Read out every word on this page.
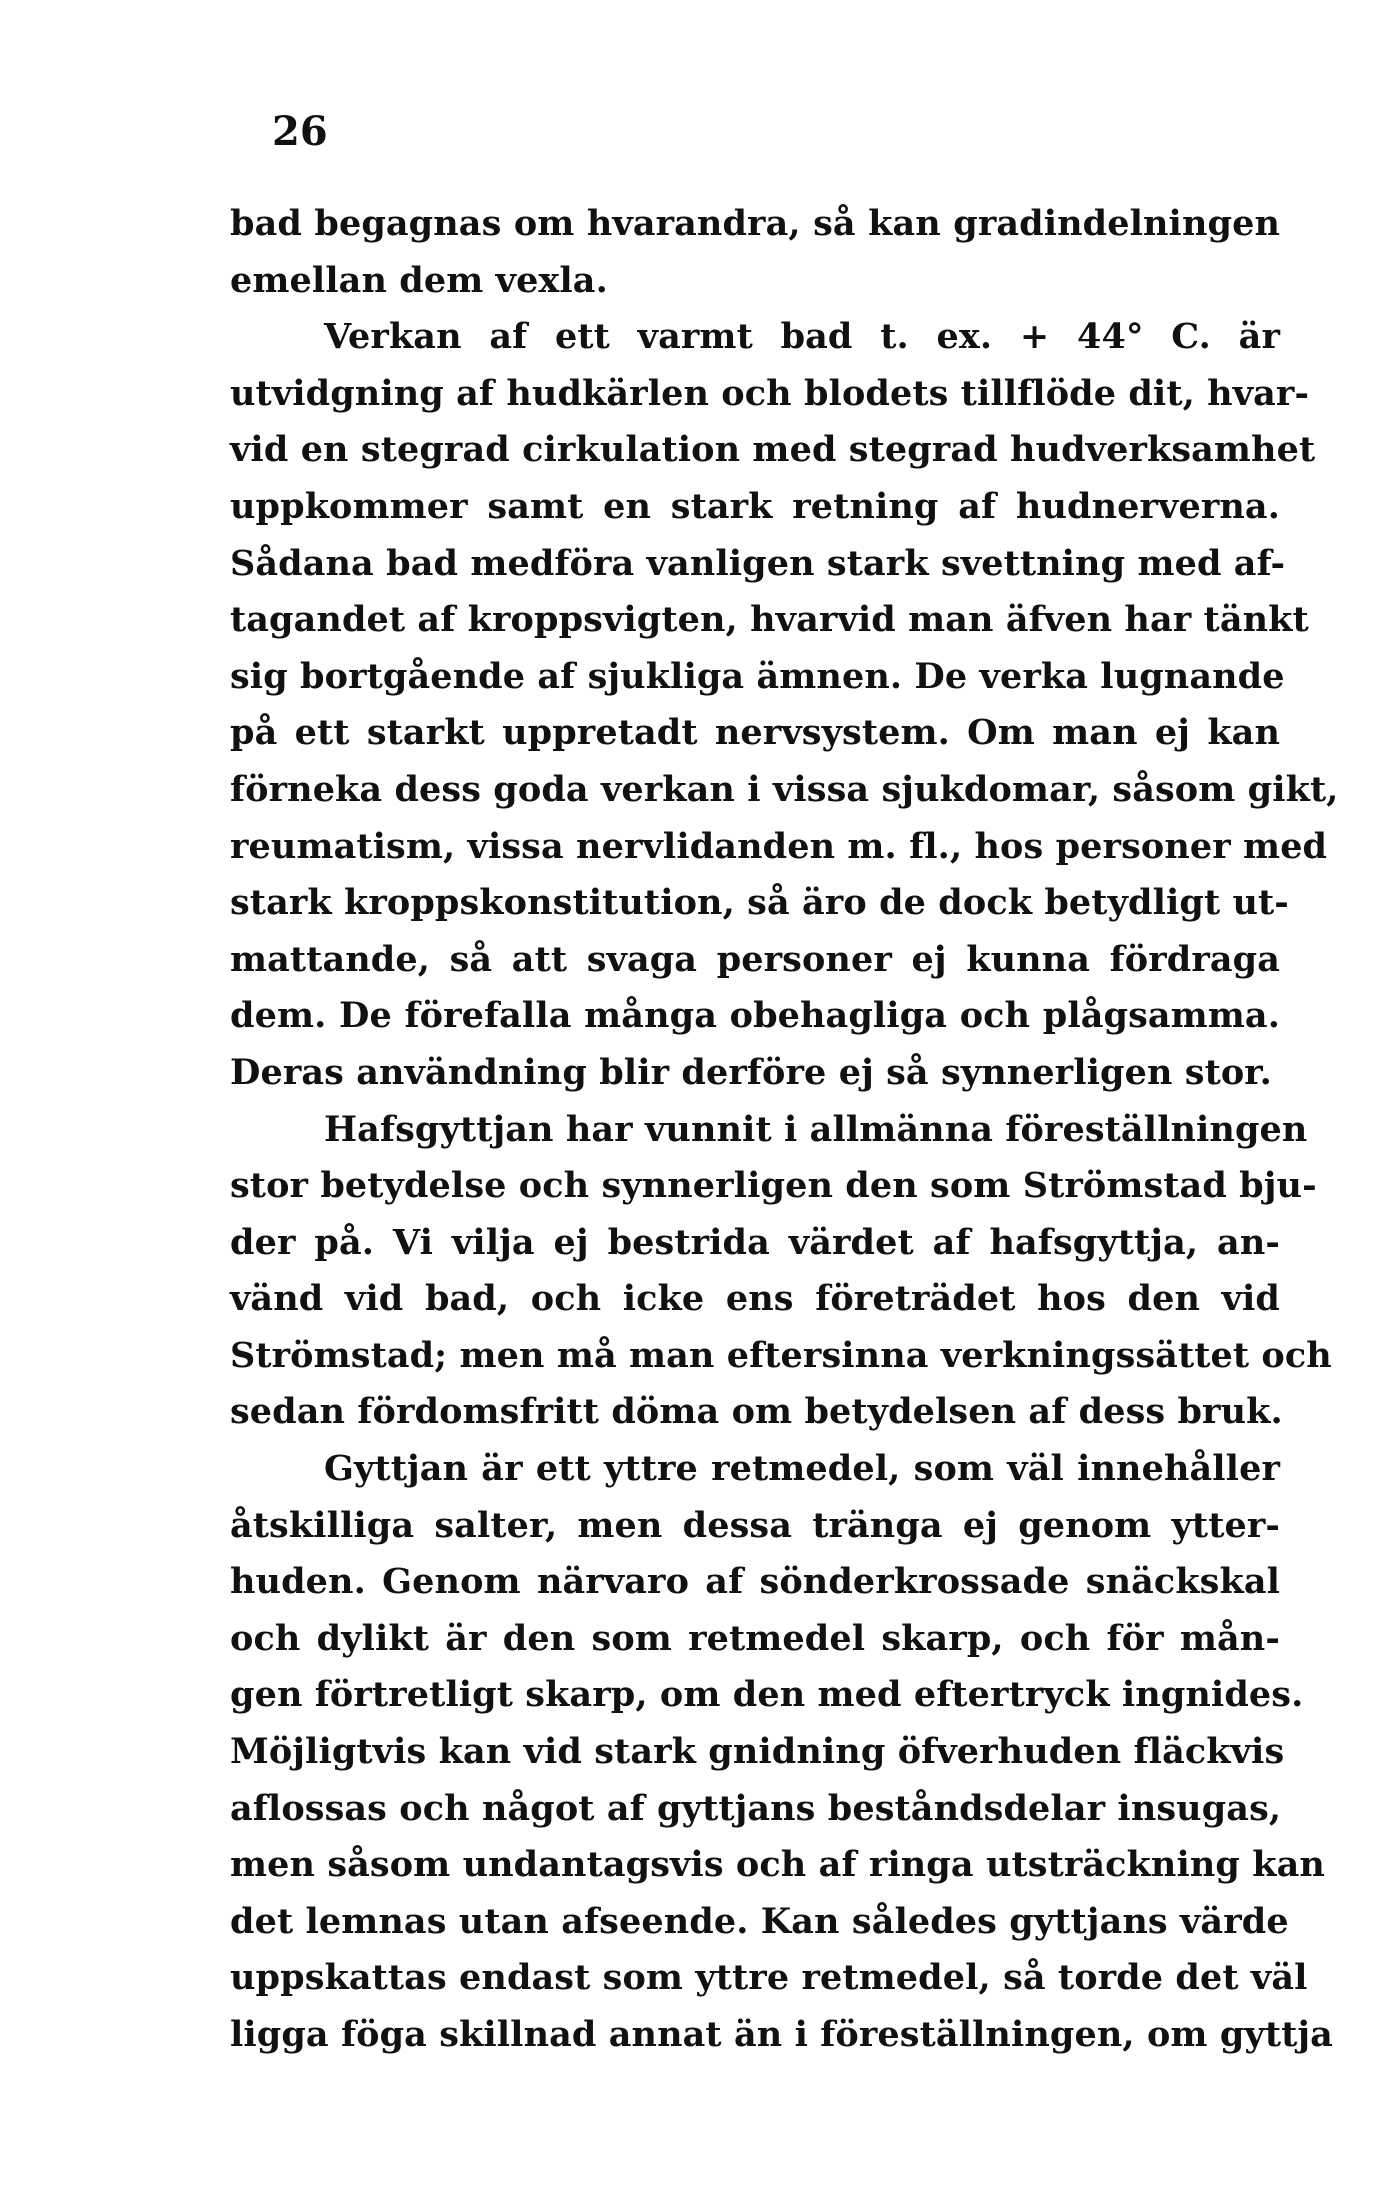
26
bad begagnas om hvarandra, så kan gradindelningen
emellan dem vexla.
Verkan af ett varmt bad t. ex. + 44° C. är
utvidgning af hudkärlen och blodets tillflöde dit, hvar-
vid en stegrad cirkulation med stegrad hudverksamhet
uppkommer samt en stark retning af hudnerverna.
Sådana bad medföra vanligen stark svettning med af-
tagandet af kroppsvigten, hvarvid man äfven har tänkt
sig bortgående af sjukliga ämnen. De verka lugnande
på ett starkt uppretadt nervsystem. Om man ej kan
förneka dess goda verkan i vissa sjukdomar, såsom gikt,
reumatism, vissa nervlidanden m. fl., hos personer med
stark kroppskonstitution, så äro de dock betydligt ut-
mattande, så att svaga personer ej kunna fördraga
dem. De förefalla många obehagliga och plågsamma.
Deras användning blir derföre ej så synnerligen stor.
Hafsgyttjan har vunnit i allmänna föreställningen
stor betydelse och synnerligen den som Strömstad bju-
der på. Vi vilja ej bestrida värdet af hafsgyttja, an-
vänd vid bad, och icke ens företrädet hos den vid
Strömstad; men må man eftersinna verkningssättet och
sedan fördomsfritt döma om betydelsen af dess bruk.
Gyttjan är ett yttre retmedel, som väl innehåller
åtskilliga salter, men dessa tränga ej genom ytter-
huden. Genom närvaro af sönderkrossade snäckskal
och dylikt är den som retmedel skarp, och för mån-
gen förtretligt skarp, om den med eftertryck ingnides.
Möjligtvis kan vid stark gnidning öfverhuden fläckvis
aflossas och något af gyttjans beståndsdelar insugas,
men såsom undantagsvis och af ringa utsträckning kan
det lemnas utan afseende. Kan således gyttjans värde
uppskattas endast som yttre retmedel, så torde det väl
ligga föga skillnad annat än i föreställningen, om gyttja
